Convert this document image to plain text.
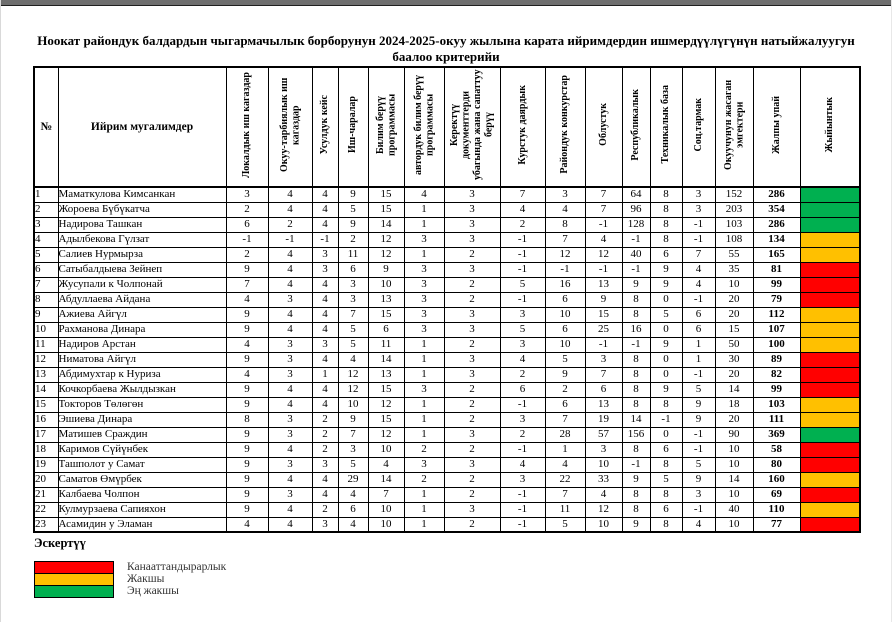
Ноокат райондук балдардын чыгармачылык борборунун 2024-2025-окуу жылына карата ийримдердин ишмердүүлүгүнүн натыйжалуугун
баалоо критерийи
№	Ийрим мугалимдер	Локалдык иш кагаздар	Окуу-тарбиялык иш кагаздар	Усулдук кейс	Иш-чаралар	Билим берүү программасы	автордук билим берүү программасы	Керектүү документтерди убагында жана сапаттуу берүү	Курстук даярдык	Райондук конкурстар	Облустук	Республикалык	Техникалык база	Соц.тармак	Окуучунун жасаган эмгектери	Жалпы упай	Жыйынтык
1	Маматкулова Кимсанкан	3	4	4	9	15	4	3	7	3	7	64	8	3	152	286	
2	Жороева Бүбүкатча	2	4	4	5	15	1	3	4	4	7	96	8	3	203	354	
3	Надирова Ташкан	6	2	4	9	14	1	3	2	8	-1	128	8	-1	103	286	
4	Адылбекова Гүлзат	-1	-1	-1	2	12	3	3	-1	7	4	-1	8	-1	108	134	
5	Салиев Нурмырза	2	4	3	11	12	1	2	-1	12	12	40	6	7	55	165	
6	Сатыбалдыева Зейнеп	9	4	3	6	9	3	3	-1	-1	-1	-1	9	4	35	81	
7	Жусупали к Чолпонай	7	4	4	3	10	3	2	5	16	13	9	9	4	10	99	
8	Абдуллаева Айдана	4	3	4	3	13	3	2	-1	6	9	8	0	-1	20	79	
9	Ажиева Айгүл	9	4	4	7	15	3	3	3	10	15	8	5	6	20	112	
10	Рахманова Динара	9	4	4	5	6	3	3	5	6	25	16	0	6	15	107	
11	Надиров Арстан	4	3	3	5	11	1	2	3	10	-1	-1	9	1	50	100	
12	Ниматова Айгүл	9	3	4	4	14	1	3	4	5	3	8	0	1	30	89	
13	Абдимухтар к Нуриза	4	3	1	12	13	1	3	2	9	7	8	0	-1	20	82	
14	Кочкорбаева Жылдызкан	9	4	4	12	15	3	2	6	2	6	8	9	5	14	99	
15	Токторов Төлөгөн	9	4	4	10	12	1	2	-1	6	13	8	8	9	18	103	
16	Эшиева Динара	8	3	2	9	15	1	2	3	7	19	14	-1	9	20	111	
17	Матишев Сраждин	9	3	2	7	12	1	3	2	28	57	156	0	-1	90	369	
18	Каримов Сүйүнбек	9	4	2	3	10	2	2	-1	1	3	8	6	-1	10	58	
19	Ташполот у Самат	9	3	3	5	4	3	3	4	4	10	-1	8	5	10	80	
20	Саматов Өмүрбек	9	4	4	29	14	2	2	3	22	33	9	5	9	14	160	
21	Калбаева Чолпон	9	3	4	4	7	1	2	-1	7	4	8	8	3	10	69	
22	Кулмурзаева Сапияхон	9	4	2	6	10	1	3	-1	11	12	8	6	-1	40	110	
23	Асамидин у Эламан	4	4	3	4	10	1	2	-1	5	10	9	8	4	10	77	
Эскертүү
Канааттандырарлык
Жакшы
Эң жакшы
